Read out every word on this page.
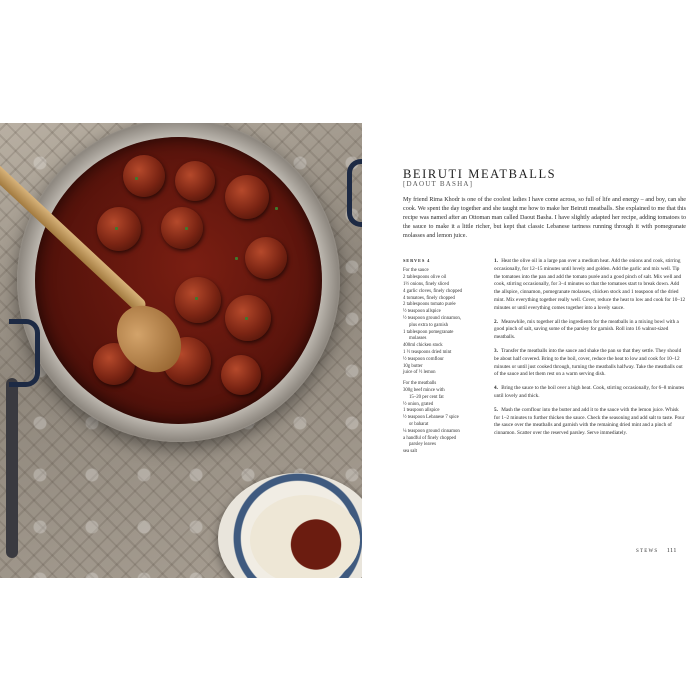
BEIRUTI MEATBALLS

[DAOUT BASHA]

My friend Rima Khodr is one of the coolest ladies I have come across, so full of life and energy – and boy, can she cook. We spent the day together and she taught me how to make her Beiruti meatballs. She explained to me that this recipe was named after an Ottoman man called Daout Basha. I have slightly adapted her recipe, adding tomatoes to the sauce to make it a little richer, but kept that classic Lebanese tartness running through it with pomegranate molasses and lemon juice.

SERVES 4

For the sauce

2 tablespoons olive oil
1½ onions, finely sliced
4 garlic cloves, finely chopped
4 tomatoes, finely chopped
2 tablespoons tomato purée
½ teaspoon allspice
½ teaspoon ground cinnamon,
plus extra to garnish
1 tablespoon pomegranate
molasses
400ml chicken stock
1 ½ teaspoons dried mint
½ teaspoon cornflour
10g butter
juice of ½ lemon

For the meatballs

300g beef mince with
15–20 per cent fat
½ onion, grated
1 teaspoon allspice
½ teaspoon Lebanese 7 spice
or baharat
¼ teaspoon ground cinnamon
a handful of finely chopped
parsley leaves
sea salt
1. Heat the olive oil in a large pan over a medium heat. Add the onions and cook, stirring occasionally, for 12–15 minutes until lovely and golden. Add the garlic and mix well. Tip the tomatoes into the pan and add the tomato purée and a good pinch of salt. Mix well and cook, stirring occasionally, for 3–4 minutes so that the tomatoes start to break down. Add the allspice, cinnamon, pomegranate molasses, chicken stock and 1 teaspoon of the dried mint. Mix everything together really well. Cover, reduce the heat to low and cook for 10–12 minutes or until everything comes together into a lovely sauce.
2. Meanwhile, mix together all the ingredients for the meatballs in a mixing bowl with a good pinch of salt, saving some of the parsley for garnish. Roll into 16 walnut-sized meatballs.
3. Transfer the meatballs into the sauce and shake the pan so that they settle. They should be about half covered. Bring to the boil, cover, reduce the heat to low and cook for 10–12 minutes or until just cooked through, turning the meatballs halfway. Take the meatballs out of the sauce and let them rest on a warm serving dish.
4. Bring the sauce to the boil over a high heat. Cook, stirring occasionally, for 6–8 minutes until lovely and thick.
5. Mash the cornflour into the butter and add it to the sauce with the lemon juice. Whisk for 1–2 minutes to further thicken the sauce. Check the seasoning and add salt to taste. Pour the sauce over the meatballs and garnish with the remaining dried mint and a pinch of cinnamon. Scatter over the reserved parsley. Serve immediately.
STEWS 111
